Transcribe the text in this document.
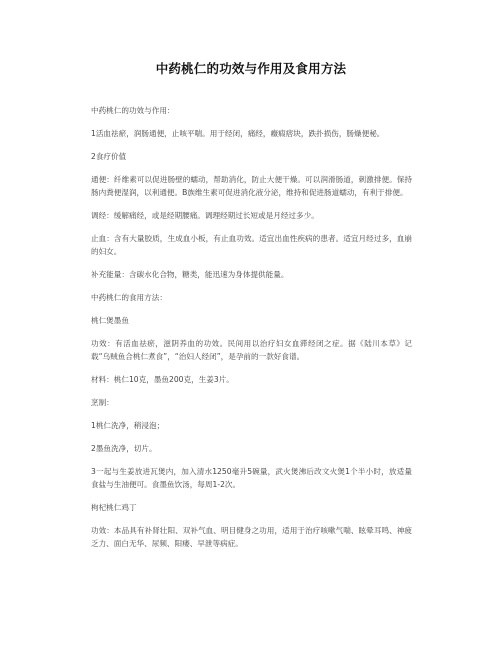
中药桃仁的功效与作用及食用方法

中药桃仁的功效与作用：

1活血祛瘀，润肠通便，止咳平喘。用于经闭，痛经，癥瘕痞块，跌扑损伤，肠燥便秘。

2食疗价值

通便：纤维素可以促进肠壁的蠕动，帮助消化，防止大便干燥。可以润滑肠道，刺激排便。保持肠内粪便湿润，以利通便。B族维生素可促进消化液分泌，维持和促进肠道蠕动，有利于排便。

调经：缓解痛经，或是经期腰痛。调理经期过长短或是月经过多少。

止血：含有大量胶质，生成血小板，有止血功效。适宜出血性疾病的患者。适宜月经过多，血崩的妇女。

补充能量：含碳水化合物，糖类，能迅速为身体提供能量。

中药桃仁的食用方法：

桃仁煲墨鱼

功效：有活血祛瘀，滋阴养血的功效。民间用以治疗妇女血滞经闭之症。据《陆川本草》记载“乌贼鱼合桃仁煮食”，“治妇人经闭”，是孕前的一款好食谱。

材料：桃仁10克，墨鱼200克，生姜3片。

烹制：

1桃仁洗净，稍浸泡；

2墨鱼洗净，切片。

3一起与生姜放进瓦煲内，加入清水1250毫升5碗量，武火煲沸后改文火煲1个半小时，放适量食盐与生油便可。食墨鱼饮汤，每周1-2次。

枸杞桃仁鸡丁

功效：本品具有补肾壮阳、双补气血、明目健身之功用，适用于治疗咳嗽气喘、眩晕耳鸣、神疲乏力、面白无华、尿频、阳痿、早泄等病症。
